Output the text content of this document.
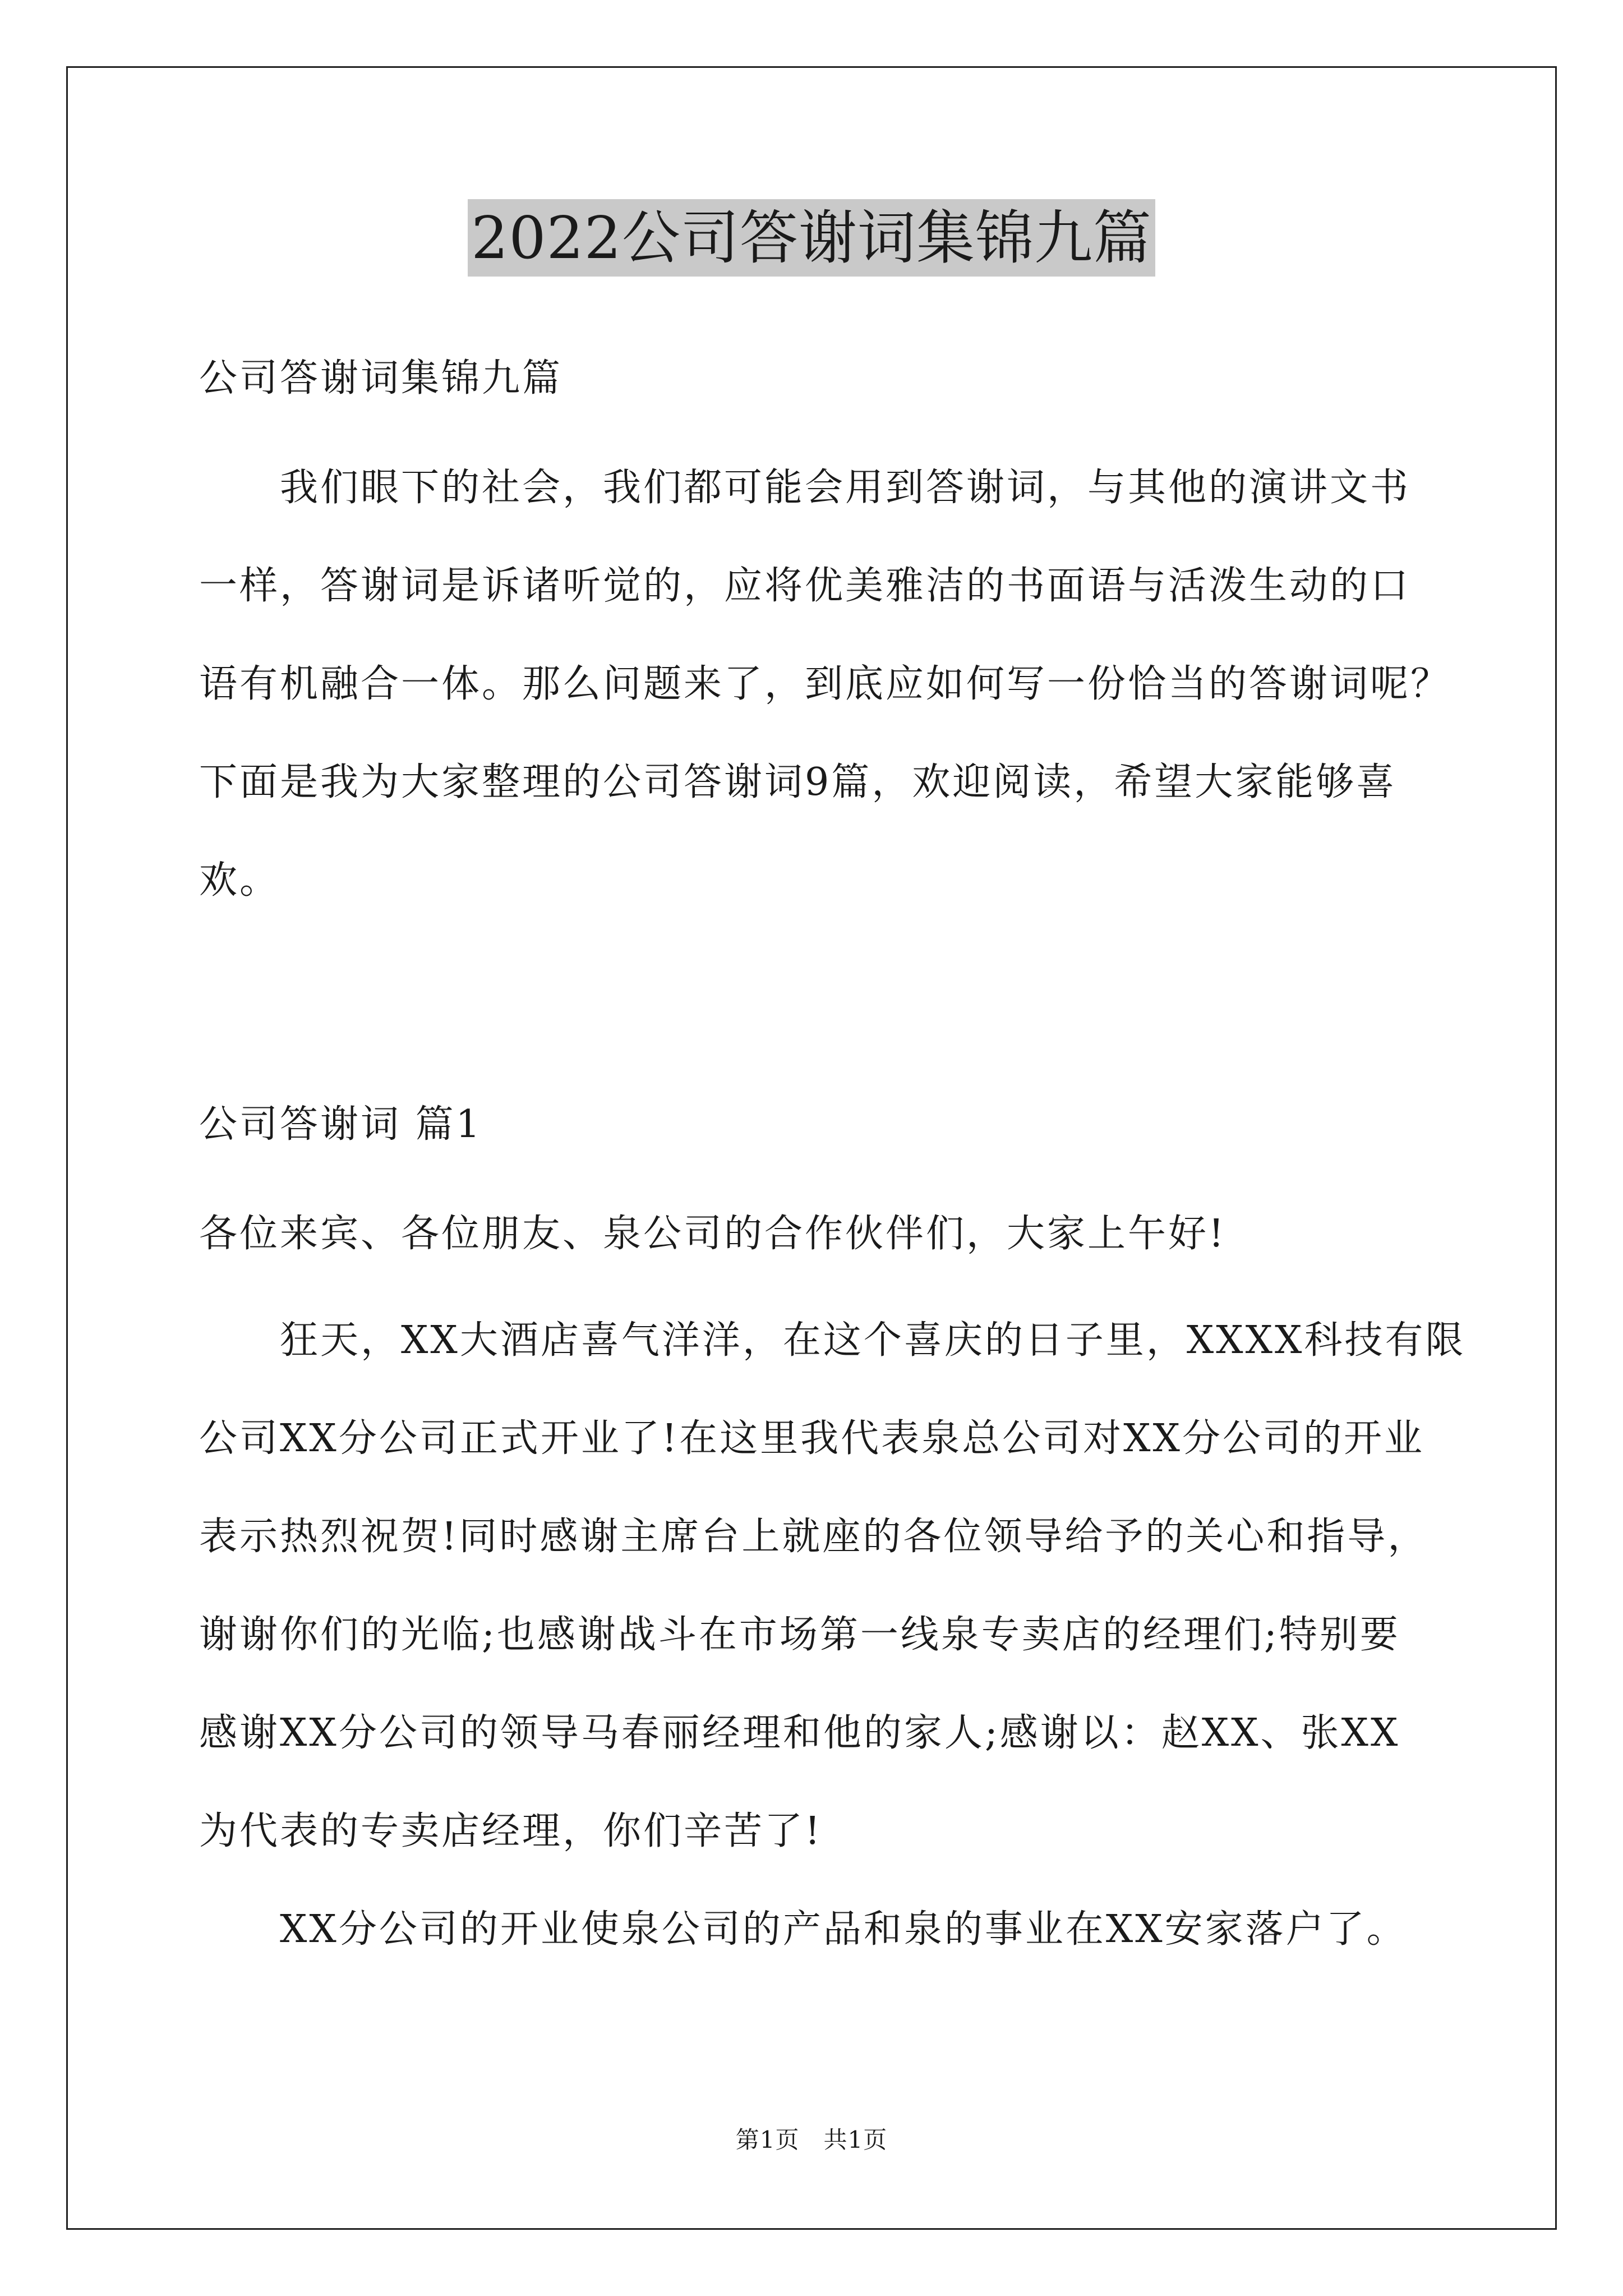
2022公司答谢词集锦九篇
公司答谢词集锦九篇
　　我们眼下的社会，我们都可能会用到答谢词，与其他的演讲文书
一样，答谢词是诉诸听觉的，应将优美雅洁的书面语与活泼生动的口
语有机融合一体。那么问题来了，到底应如何写一份恰当的答谢词呢？
下面是我为大家整理的公司答谢词9篇，欢迎阅读，希望大家能够喜
欢。
公司答谢词 篇1
各位来宾、各位朋友、泉公司的合作伙伴们，大家上午好!
　　狂天，XX大酒店喜气洋洋，在这个喜庆的日子里，XXXX科技有限
公司XX分公司正式开业了!在这里我代表泉总公司对XX分公司的开业
表示热烈祝贺!同时感谢主席台上就座的各位领导给予的关心和指导，
谢谢你们的光临;也感谢战斗在市场第一线泉专卖店的经理们;特别要
感谢XX分公司的领导马春丽经理和他的家人;感谢以：赵XX、张XX
为代表的专卖店经理，你们辛苦了!
　　XX分公司的开业使泉公司的产品和泉的事业在XX安家落户了。
第1页　共1页
